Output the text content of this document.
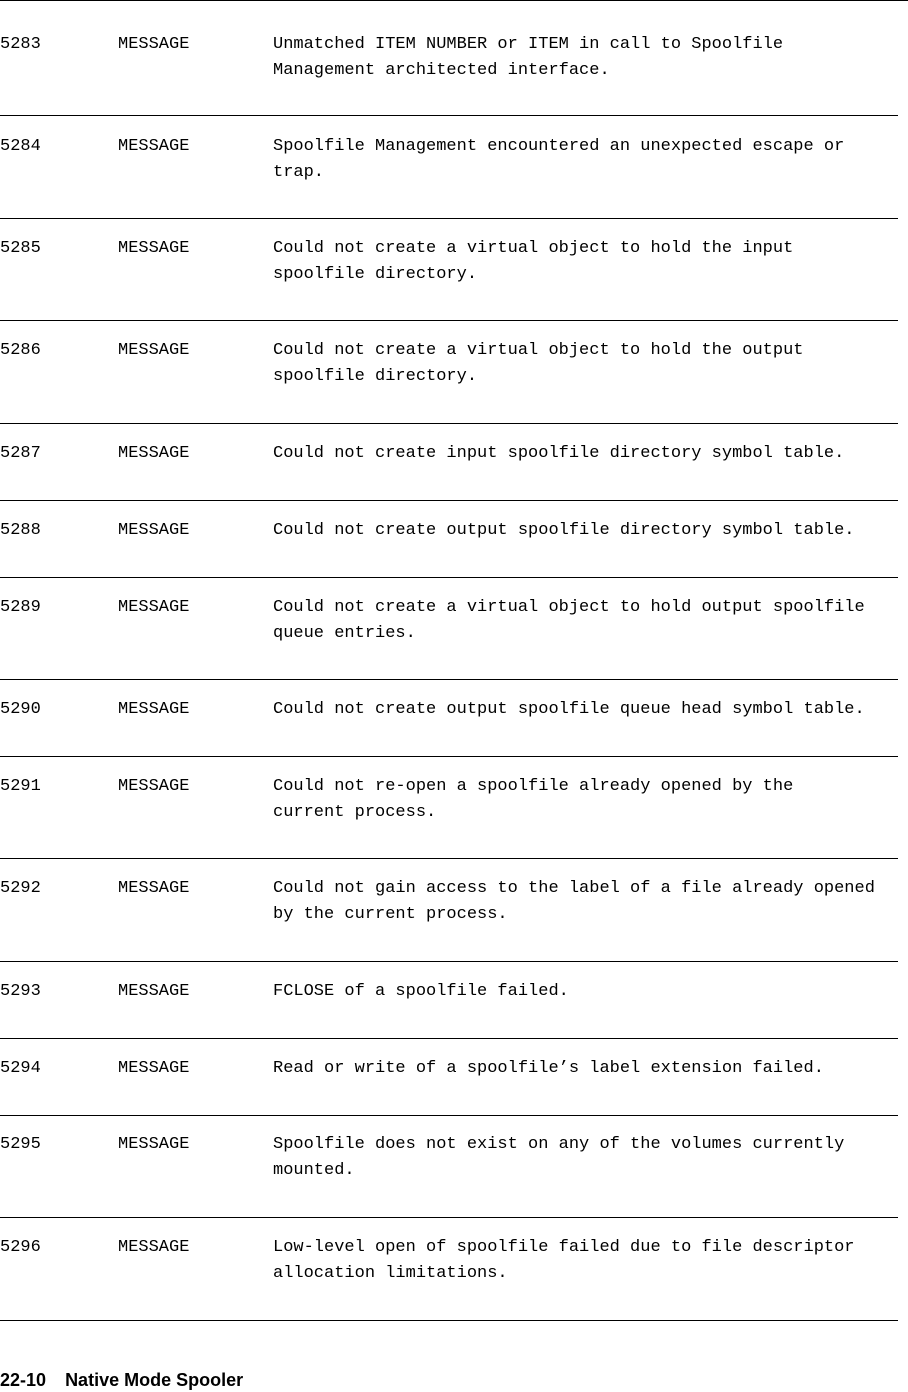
5283	MESSAGE	Unmatched ITEM NUMBER or ITEM in call to Spoolfile
Management architected interface.
5284	MESSAGE	Spoolfile Management encountered an unexpected escape or
trap.
5285	MESSAGE	Could not create a virtual object to hold the input
spoolfile directory.
5286	MESSAGE	Could not create a virtual object to hold the output
spoolfile directory.
5287	MESSAGE	Could not create input spoolfile directory symbol table.
5288	MESSAGE	Could not create output spoolfile directory symbol table.
5289	MESSAGE	Could not create a virtual object to hold output spoolfile
queue entries.
5290	MESSAGE	Could not create output spoolfile queue head symbol table.
5291	MESSAGE	Could not re-open a spoolfile already opened by the
current process.
5292	MESSAGE	Could not gain access to the label of a file already opened
by the current process.
5293	MESSAGE	FCLOSE of a spoolfile failed.
5294	MESSAGE	Read or write of a spoolfile’s label extension failed.
5295	MESSAGE	Spoolfile does not exist on any of the volumes currently
mounted.
5296	MESSAGE	Low-level open of spoolfile failed due to file descriptor
allocation limitations.
22-10 Native Mode Spooler
